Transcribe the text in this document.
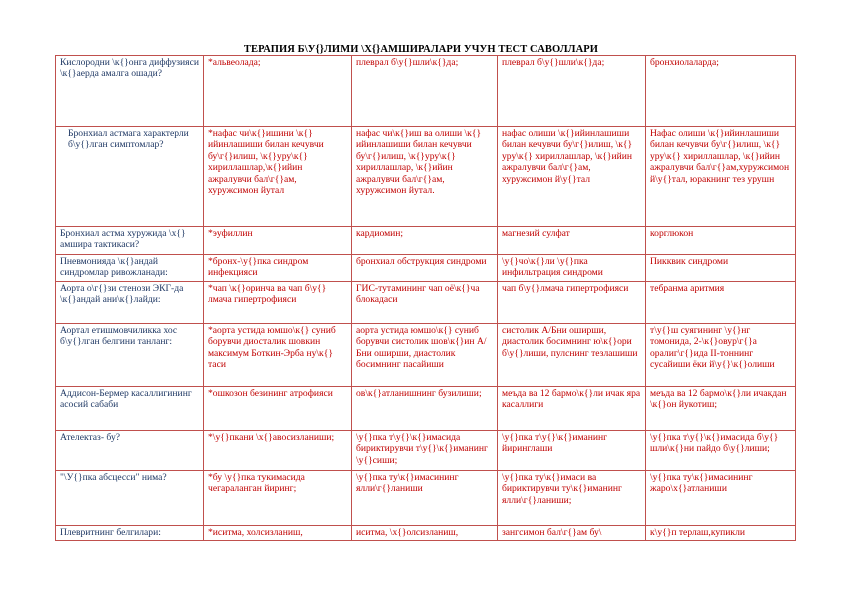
ТЕРАПИЯ Б\У{}ЛИМИ \Х{}АМШИРАЛАРИ УЧУН ТЕСТ САВОЛЛАРИ
Кислородни \к{}онга диффузияси \к{}аерда амалга ошади?	*альвеолада;	плеврал б\у{}шли\к{}да;	плеврал б\у{}шли\к{}да;	бронхиолаларда;

Бронхиал астмага характерли б\у{}лган симптомлар?	*нафас чи\к{}ишини \к{}ийинлашиши билан кечувчи бу\г{}илиш, \к{}уру\к{} хириллашлар,\к{}ийин ажралувчи бал\г{}ам, хуружсимон йутал	нафас чи\к{}иш ва олиши \к{}ийинлашиши билан кечувчи бу\г{}илиш, \к{}уру\к{} хириллашлар, \к{}ийин ажралувчи бал\г{}ам, хуружсимон йутал.	нафас олиши \к{}ийинлашиши билан кечувчи бу\г{}илиш, \к{}уру\к{} хириллашлар, \к{}ийин ажралувчи бал\г{}ам, хуружсимон й\у{}тал	Нафас олиши \к{}ийинлашиши билан кечувчи бу\г{}илиш, \к{}уру\к{} хириллашлар, \к{}ийин ажралувчи бал\г{}ам,хуружсимон й\у{}тал, юракнинг тез урушн
Бронхиал астма хуружида \х{}амшира тактикаси?	*эуфиллин	кардиомин;	магнезий сулфат	корглюкон
Пневмонияда \к{}андай синдромлар ривожланади:	*бронх-\у{}пка синдром инфекцияси	бронхиал обструкция синдроми	\у{}чо\к{}ли \у{}пка инфильтрация синдроми	Пикквик синдроми
Аорта о\г{}зи стенози ЭКГ-да \к{}андай ани\к{}лайди:	*чап \к{}оринча ва чап б\у{}лмача гипертрофияси	ГИС-тутамининг чап оё\к{}ча блокадаси	чап б\у{}лмача гипертрофияси	тебранма аритмия
Аортал етишмовчиликка хос б\у{}лган белгини танланг:	*аорта устида юмшо\к{} суниб борувчи диосталик шовкин максимум Боткин-Эрба ну\к{}таси	аорта устида юмшо\к{} суниб борувчи систолик шов\к{}ин А/Бни оширши, диастолик босимнинг пасайиши	систолик А/Бни оширши, диастолик босимнинг ю\к{}ори б\у{}лиши, пулснинг тезлашиши	т\у{}ш суягининг \у{}нг томонида, 2-\к{}овур\г{}а оралиг\г{}ида II-тоннинг сусайиши ёки й\у{}\к{}олиши
Аддисон-Бермер касаллигининг асосий сабаби	*ошкозон безининг атрофияси	ов\к{}атланишнинг бузилиши;	меъда ва 12 бармо\к{}ли ичак яра касаллиги	меъда ва 12 бармо\к{}ли ичакдан \к{}он йукотиш;
Ателектаз- бу?	*\у{}пкани \х{}авосизланиши;	\у{}пка т\у{}\к{}имасида бириктирувчи т\у{}\к{}иманинг \у{}сиши;	\у{}пка т\у{}\к{}иманинг йиринглаши	\у{}пка т\у{}\к{}имасида б\у{}шли\к{}ни пайдо б\у{}лиши;
"\У{}пка абсцесси" нима?	*бу \у{}пка тукимасида чегараланган йиринг;	\у{}пка ту\к{}имасининг ялли\г{}ланиши	\у{}пка ту\к{}имаси ва бириктирувчи ту\к{}иманинг ялли\г{}ланиши;	\у{}пка ту\к{}имасининг жаро\х{}атланиши
Плевритнинг белгилари:	*иситма, холсизланиш,	иситма, \х{}олсизланиш,	зангсимон бал\г{}ам бу\	к\у{}п терлаш,купикли
